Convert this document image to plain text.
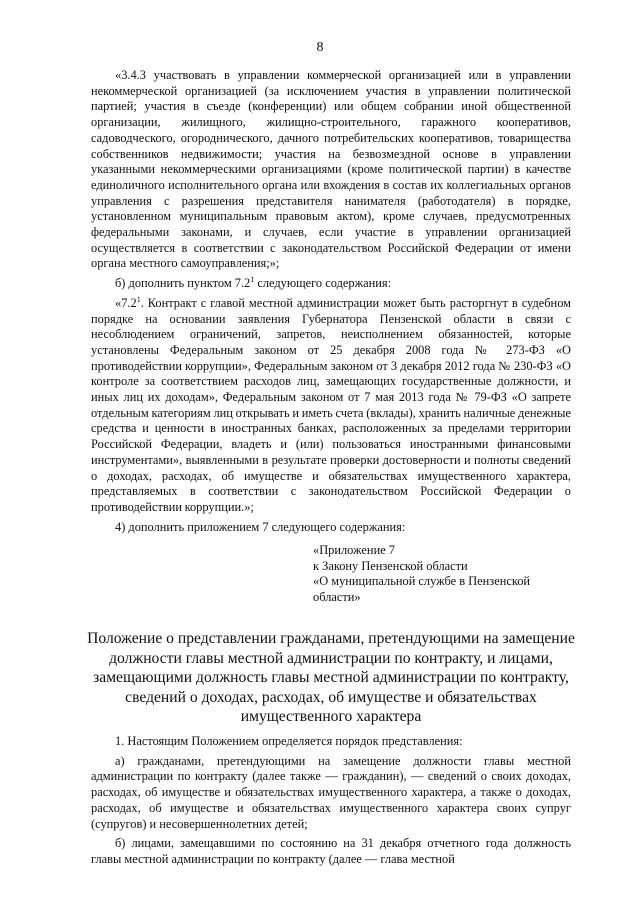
8

«3.4.3 участвовать в управлении коммерческой организацией или в управлении некоммерческой организацией (за исключением участия в управлении политической партией; участия в съезде (конференции) или общем собрании иной общественной организации, жилищного, жилищно-строительного, гаражного кооперативов, садоводческого, огороднического, дачного потребительских кооперативов, товарищества собственников недвижимости; участия на безвозмездной основе в управлении указанными некоммерческими организациями (кроме политической партии) в качестве единоличного исполнительного органа или вхождения в состав их коллегиальных органов управления с разрешения представителя нанимателя (работодателя) в порядке, установленном муниципальным правовым актом), кроме случаев, предусмотренных федеральными законами, и случаев, если участие в управлении организацией осуществляется в соответствии с законодательством Российской Федерации от имени органа местного самоуправления;»;

б) дополнить пунктом $7.2^1$ следующего содержания:

«$7.2^1$. Контракт с главой местной администрации может быть расторгнут в судебном порядке на основании заявления Губернатора Пензенской области в связи с несоблюдением ограничений, запретов, неисполнением обязанностей, которые установлены Федеральным законом от 25 декабря 2008 года № 273-ФЗ «О противодействии коррупции», Федеральным законом от 3 декабря 2012 года № 230-ФЗ «О контроле за соответствием расходов лиц, замещающих государственные должности, и иных лиц их доходам», Федеральным законом от 7 мая 2013 года № 79-ФЗ «О запрете отдельным категориям лиц открывать и иметь счета (вклады), хранить наличные денежные средства и ценности в иностранных банках, расположенных за пределами территории Российской Федерации, владеть и (или) пользоваться иностранными финансовыми инструментами», выявленными в результате проверки достоверности и полноты сведений о доходах, расходах, об имуществе и обязательствах имущественного характера, представляемых в соответствии с законодательством Российской Федерации о противодействии коррупции.»;

4) дополнить приложением 7 следующего содержания:

«Приложение 7
к Закону Пензенской области
«О муниципальной службе в Пензенской области»
Положение о представлении гражданами, претендующими на замещение должности главы местной администрации по контракту, и лицами, замещающими должность главы местной администрации по контракту, сведений о доходах, расходах, об имуществе и обязательствах имущественного характера

1. Настоящим Положением определяется порядок представления:

а) гражданами, претендующими на замещение должности главы местной администрации по контракту (далее также — гражданин), — сведений о своих доходах, расходах, об имуществе и обязательствах имущественного характера, а также о доходах, расходах, об имуществе и обязательствах имущественного характера своих супруг (супругов) и несовершеннолетних детей;

б) лицами, замещавшими по состоянию на 31 декабря отчетного года должность главы местной администрации по контракту (далее — глава местной
